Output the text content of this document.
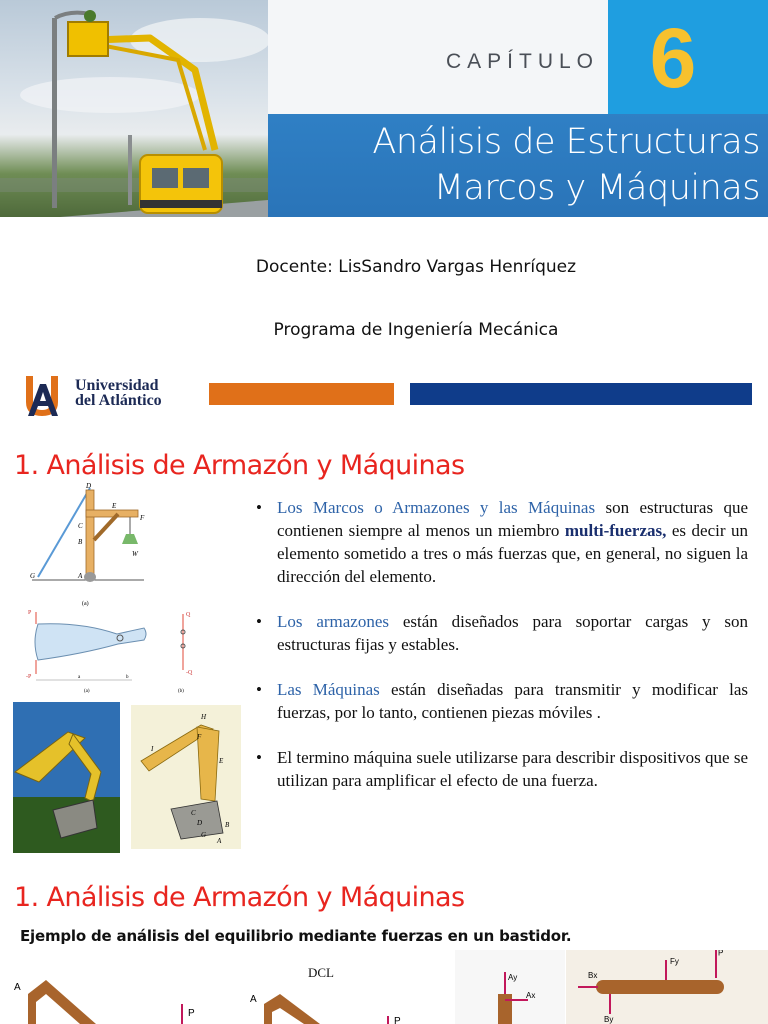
CAPÍTULO 6
Análisis de Estructuras
Marcos y Máquinas
Docente: LisSandro Vargas Henríquez
Programa de Ingeniería Mecánica
Universidad
del Atlántico
1. Análisis de Armazón y Máquinas
D
E
F
C
B
W
G	A
(a)
P	Q
-P
-Q
a	b
(a)	(b)
H
I
F
E
C
D	B
G
A
• Los Marcos o Armazones y las Máquinas son estructuras que contienen siempre al menos un miembro multi-fuerzas, es decir un elemento sometido a tres o más fuerzas que, en general, no siguen la dirección del elemento.
• Los armazones están diseñados para soportar cargas y son estructuras fijas y estables.
• Las Máquinas están diseñadas para transmitir y modificar las fuerzas, por lo tanto, contienen piezas móviles .
• El termino máquina suele utilizarse para describir dispositivos que se utilizan para amplificar el efecto de una fuerza.
1. Análisis de Armazón y Máquinas
Ejemplo de análisis del equilibrio mediante fuerzas en un bastidor.
DCL
A
P
A
P
Ay
Ax
Bx
Fy
P
By
